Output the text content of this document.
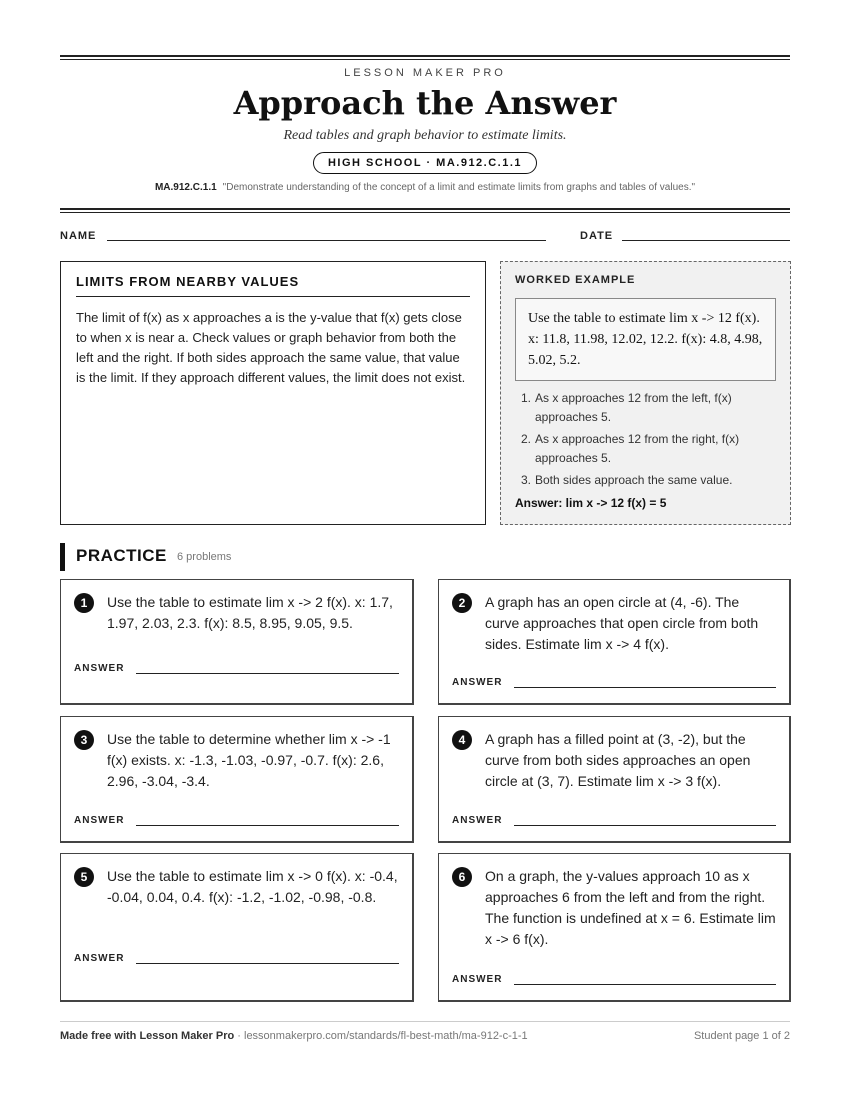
LESSON MAKER PRO
Approach the Answer
Read tables and graph behavior to estimate limits.
HIGH SCHOOL · MA.912.C.1.1
MA.912.C.1.1 "Demonstrate understanding of the concept of a limit and estimate limits from graphs and tables of values."
NAME	DATE
LIMITS FROM NEARBY VALUES

The limit of f(x) as x approaches a is the y-value that f(x) gets close to when x is near a. Check values or graph behavior from both the left and the right. If both sides approach the same value, that value is the limit. If they approach different values, the limit does not exist.

WORKED EXAMPLE
Use the table to estimate lim x -> 12 f(x). x: 11.8, 11.98, 12.02, 12.2. f(x): 4.8, 4.98, 5.02, 5.2.
1. As x approaches 12 from the left, f(x) approaches 5.
2. As x approaches 12 from the right, f(x) approaches 5.
3. Both sides approach the same value.
Answer: lim x -> 12 f(x) = 5
PRACTICE 6 problems
1	Use the table to estimate lim x -> 2 f(x). x: 1.7, 1.97, 2.03, 2.3. f(x): 8.5, 8.95, 9.05, 9.5.
ANSWER
2	A graph has an open circle at (4, -6). The curve approaches that open circle from both sides. Estimate lim x -> 4 f(x).
ANSWER
3	Use the table to determine whether lim x -> -1 f(x) exists. x: -1.3, -1.03, -0.97, -0.7. f(x): 2.6, 2.96, -3.04, -3.4.
ANSWER
4	A graph has a filled point at (3, -2), but the curve from both sides approaches an open circle at (3, 7). Estimate lim x -> 3 f(x).
ANSWER
5	Use the table to estimate lim x -> 0 f(x). x: -0.4, -0.04, 0.04, 0.4. f(x): -1.2, -1.02, -0.98, -0.8.
ANSWER
6	On a graph, the y-values approach 10 as x approaches 6 from the left and from the right. The function is undefined at x = 6. Estimate lim x -> 6 f(x).
ANSWER
Made free with Lesson Maker Pro · lessonmakerpro.com/standards/fl-best-math/ma-912-c-1-1	Student page 1 of 2
